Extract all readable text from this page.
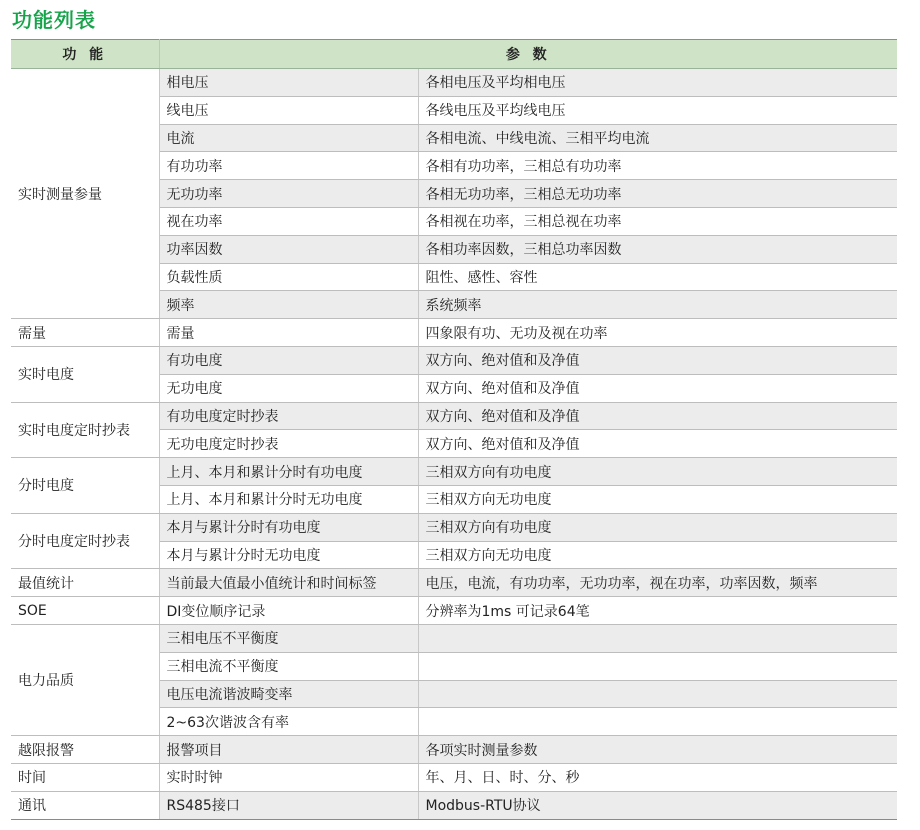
功能列表
功 能	参 数	
实时测量参量	相电压	各相电压及平均相电压
	线电压	各线电压及平均线电压
	电流	各相电流、中线电流、三相平均电流
	有功功率	各相有功功率，三相总有功功率
	无功功率	各相无功功率，三相总无功功率
	视在功率	各相视在功率，三相总视在功率
	功率因数	各相功率因数，三相总功率因数
	负载性质	阻性、感性、容性
	频率	系统频率
需量	需量	四象限有功、无功及视在功率
实时电度	有功电度	双方向、绝对值和及净值
	无功电度	双方向、绝对值和及净值
实时电度定时抄表	有功电度定时抄表	双方向、绝对值和及净值
	无功电度定时抄表	双方向、绝对值和及净值
分时电度	上月、本月和累计分时有功电度	三相双方向有功电度
	上月、本月和累计分时无功电度	三相双方向无功电度
分时电度定时抄表	本月与累计分时有功电度	三相双方向有功电度
	本月与累计分时无功电度	三相双方向无功电度
最值统计	当前最大值最小值统计和时间标签	电压，电流，有功功率，无功功率，视在功率，功率因数，频率
SOE	DI变位顺序记录	分辨率为1ms 可记录64笔
电力品质	三相电压不平衡度	
	三相电流不平衡度	
	电压电流谐波畸变率	
	2~63次谐波含有率	
越限报警	报警项目	各项实时测量参数
时间	实时时钟	年、月、日、时、分、秒
通讯	RS485接口	Modbus-RTU协议
